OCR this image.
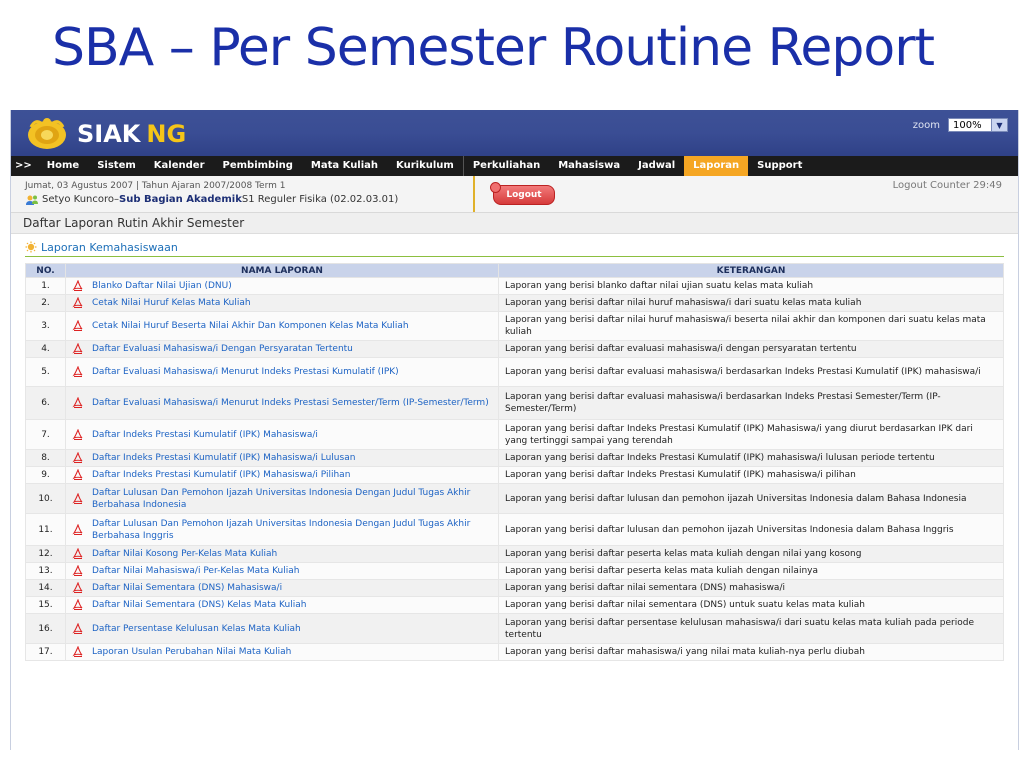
SBA – Per Semester Routine Report
SIAK NG	zoom 100%	▼
>>	Home	Sistem	Kalender	Pembimbing	Mata Kuliah	Kurikulum	Perkuliahan	Mahasiswa	Jadwal	Laporan	Support
Jumat, 03 Agustus 2007 | Tahun Ajaran 2007/2008 Term 1
Setyo Kuncoro – Sub Bagian Akademik S1 Reguler Fisika (02.02.03.01)	Logout
Logout Counter 29:49
Daftar Laporan Rutin Akhir Semester
Laporan Kemahasiswaan
NO.	NAMA LAPORAN	KETERANGAN
1.	Blanko Daftar Nilai Ujian (DNU)	Laporan yang berisi blanko daftar nilai ujian suatu kelas mata kuliah
2.	Cetak Nilai Huruf Kelas Mata Kuliah	Laporan yang berisi daftar nilai huruf mahasiswa/i dari suatu kelas mata kuliah
3.	Cetak Nilai Huruf Beserta Nilai Akhir Dan Komponen Kelas Mata Kuliah	Laporan yang berisi daftar nilai huruf mahasiswa/i beserta nilai akhir dan komponen dari suatu kelas mata kuliah
4.	Daftar Evaluasi Mahasiswa/i Dengan Persyaratan Tertentu	Laporan yang berisi daftar evaluasi mahasiswa/i dengan persyaratan tertentu
5.	Daftar Evaluasi Mahasiswa/i Menurut Indeks Prestasi Kumulatif (IPK)	Laporan yang berisi daftar evaluasi mahasiswa/i berdasarkan Indeks Prestasi Kumulatif (IPK) mahasiswa/i
6.	Daftar Evaluasi Mahasiswa/i Menurut Indeks Prestasi Semester/Term (IP-Semester/Term)	Laporan yang berisi daftar evaluasi mahasiswa/i berdasarkan Indeks Prestasi Semester/Term (IP-Semester/Term)
7.	Daftar Indeks Prestasi Kumulatif (IPK) Mahasiswa/i	Laporan yang berisi daftar Indeks Prestasi Kumulatif (IPK) Mahasiswa/i yang diurut berdasarkan IPK dari yang tertinggi sampai yang terendah
8.	Daftar Indeks Prestasi Kumulatif (IPK) Mahasiswa/i Lulusan	Laporan yang berisi daftar Indeks Prestasi Kumulatif (IPK) mahasiswa/i lulusan periode tertentu
9.	Daftar Indeks Prestasi Kumulatif (IPK) Mahasiswa/i Pilihan	Laporan yang berisi daftar Indeks Prestasi Kumulatif (IPK) mahasiswa/i pilihan
10.	Daftar Lulusan Dan Pemohon Ijazah Universitas Indonesia Dengan Judul Tugas Akhir Berbahasa Indonesia	Laporan yang berisi daftar lulusan dan pemohon ijazah Universitas Indonesia dalam Bahasa Indonesia
11.	Daftar Lulusan Dan Pemohon Ijazah Universitas Indonesia Dengan Judul Tugas Akhir Berbahasa Inggris	Laporan yang berisi daftar lulusan dan pemohon ijazah Universitas Indonesia dalam Bahasa Inggris
12.	Daftar Nilai Kosong Per-Kelas Mata Kuliah	Laporan yang berisi daftar peserta kelas mata kuliah dengan nilai yang kosong
13.	Daftar Nilai Mahasiswa/i Per-Kelas Mata Kuliah	Laporan yang berisi daftar peserta kelas mata kuliah dengan nilainya
14.	Daftar Nilai Sementara (DNS) Mahasiswa/i	Laporan yang berisi daftar nilai sementara (DNS) mahasiswa/i
15.	Daftar Nilai Sementara (DNS) Kelas Mata Kuliah	Laporan yang berisi daftar nilai sementara (DNS) untuk suatu kelas mata kuliah
16.	Daftar Persentase Kelulusan Kelas Mata Kuliah	Laporan yang berisi daftar persentase kelulusan mahasiswa/i dari suatu kelas mata kuliah pada periode tertentu
17.	Laporan Usulan Perubahan Nilai Mata Kuliah	Laporan yang berisi daftar mahasiswa/i yang nilai mata kuliah-nya perlu diubah
